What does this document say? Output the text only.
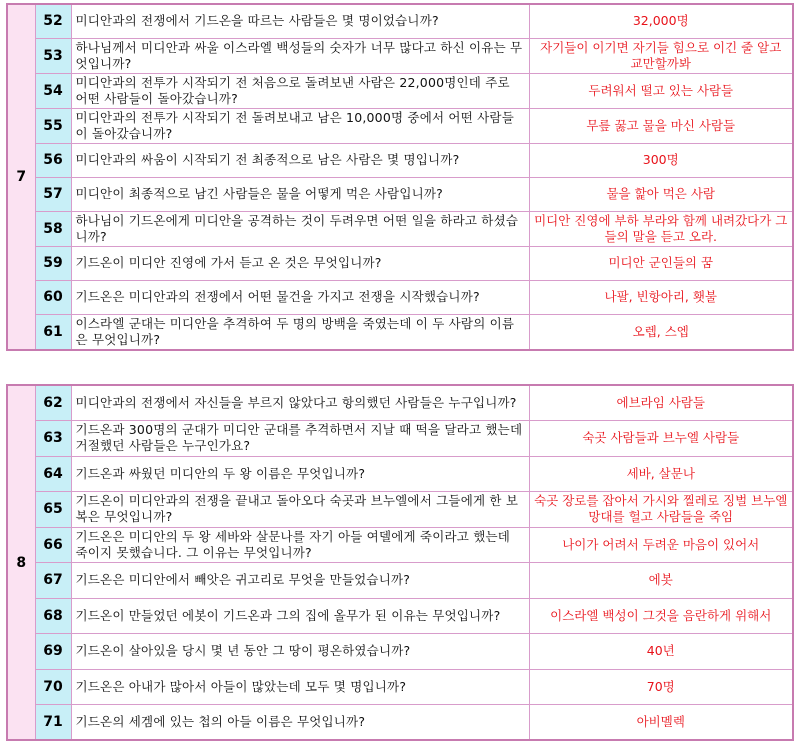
7	52	미디안과의 전쟁에서 기드온을 따르는 사람들은 몇 명이었습니까?	32,000명
	53	하나님께서 미디안과 싸울 이스라엘 백성들의 숫자가 너무 많다고 하신 이유는 무엇입니까?	자기들이 이기면 자기들 힘으로 이긴 줄 알고 교만할까봐
	54	미디안과의 전투가 시작되기 전 처음으로 돌려보낸 사람은 22,000명인데 주로 어떤 사람들이 돌아갔습니까?	두려워서 떨고 있는 사람들
	55	미디안과의 전투가 시작되기 전 돌려보내고 남은 10,000명 중에서 어떤 사람들이 돌아갔습니까?	무릎 꿇고 물을 마신 사람들
	56	미디안과의 싸움이 시작되기 전 최종적으로 남은 사람은 몇 명입니까?	300명
	57	미디안이 최종적으로 남긴 사람들은 물을 어떻게 먹은 사람입니까?	물을 핥아 먹은 사람
	58	하나님이 기드온에게 미디안을 공격하는 것이 두려우면 어떤 일을 하라고 하셨습니까?	미디안 진영에 부하 부라와 함께 내려갔다가 그들의 말을 듣고 오라.
	59	기드온이 미디안 진영에 가서 듣고 온 것은 무엇입니까?	미디안 군인들의 꿈
	60	기드온은 미디안과의 전쟁에서 어떤 물건을 가지고 전쟁을 시작했습니까?	나팔, 빈항아리, 횃불
	61	이스라엘 군대는 미디안을 추격하여 두 명의 방백을 죽였는데 이 두 사람의 이름은 무엇입니까?	오렙, 스엡
8	62	미디안과의 전쟁에서 자신들을 부르지 않았다고 항의했던 사람들은 누구입니까?	에브라임 사람들
	63	기드온과 300명의 군대가 미디안 군대를 추격하면서 지날 때 떡을 달라고 했는데 거절했던 사람들은 누구인가요?	숙곳 사람들과 브누엘 사람들
	64	기드온과 싸웠던 미디안의 두 왕 이름은 무엇입니까?	세바, 살문나
	65	기드온이 미디안과의 전쟁을 끝내고 돌아오다 숙곳과 브누엘에서 그들에게 한 보복은 무엇입니까?	숙곳 장로를 잡아서 가시와 찔레로 징벌 브누엘 망대를 헐고 사람들을 죽임
	66	기드온은 미디안의 두 왕 세바와 살문나를 자기 아들 여델에게 죽이라고 했는데 죽이지 못했습니다. 그 이유는 무엇입니까?	나이가 어려서 두려운 마음이 있어서
	67	기드온은 미디안에서 빼앗은 귀고리로 무엇을 만들었습니까?	에봇
	68	기드온이 만들었던 에봇이 기드온과 그의 집에 올무가 된 이유는 무엇입니까?	이스라엘 백성이 그것을 음란하게 위해서
	69	기드온이 살아있을 당시 몇 년 동안 그 땅이 평온하였습니까?	40년
	70	기드온은 아내가 많아서 아들이 많았는데 모두 몇 명입니까?	70명
	71	기드온의 세겜에 있는 첩의 아들 이름은 무엇입니까?	아비멜렉
